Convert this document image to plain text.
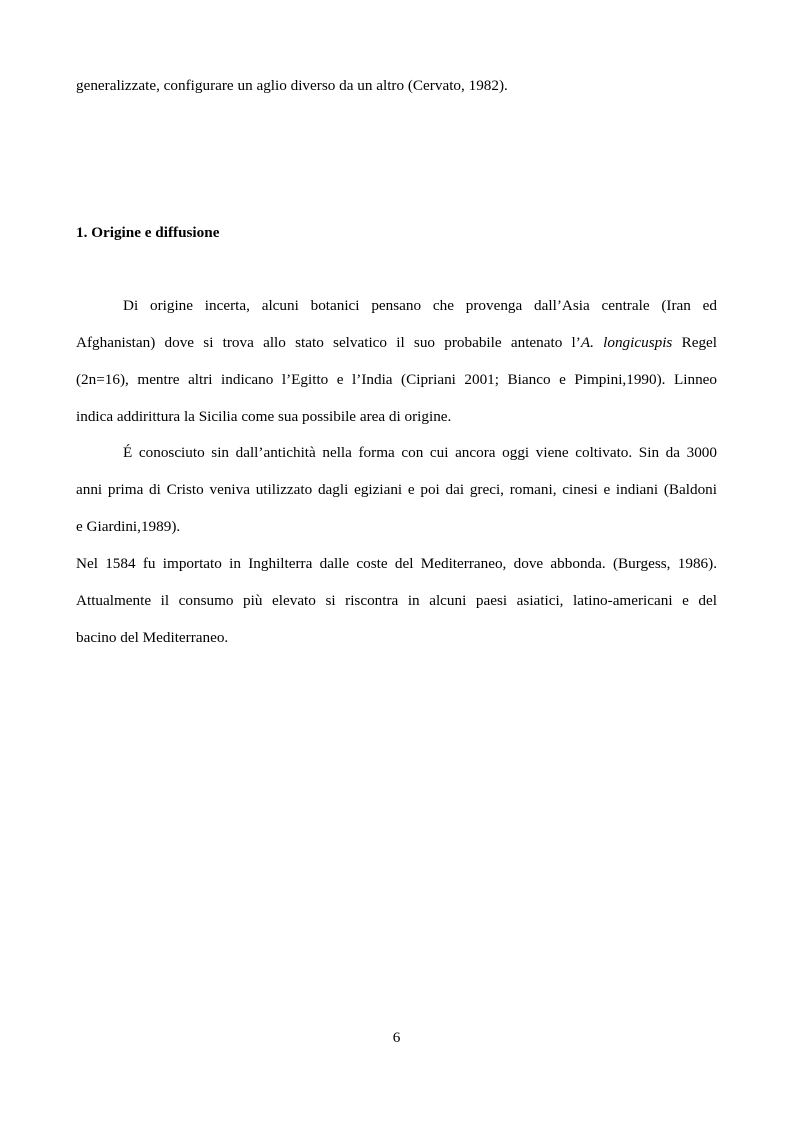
generalizzate, configurare un aglio diverso da un altro (Cervato, 1982).
1. Origine e diffusione
Di origine incerta, alcuni botanici pensano che provenga dall’Asia centrale (Iran ed
Afghanistan) dove si trova allo stato selvatico il suo probabile antenato l’A. longicuspis Regel
(2n=16), mentre altri indicano l’Egitto e l’India (Cipriani 2001; Bianco e Pimpini,1990). Linneo
indica addirittura la Sicilia come sua possibile area di origine.
É conosciuto sin dall’antichità nella forma con cui ancora oggi viene coltivato. Sin da 3000
anni prima di Cristo veniva utilizzato dagli egiziani e poi dai greci, romani, cinesi e indiani (Baldoni
e Giardini,1989).
Nel 1584 fu importato in Inghilterra dalle coste del Mediterraneo, dove abbonda. (Burgess, 1986).
Attualmente il consumo più elevato si riscontra in alcuni paesi asiatici, latino-americani e del
bacino del Mediterraneo.
6
